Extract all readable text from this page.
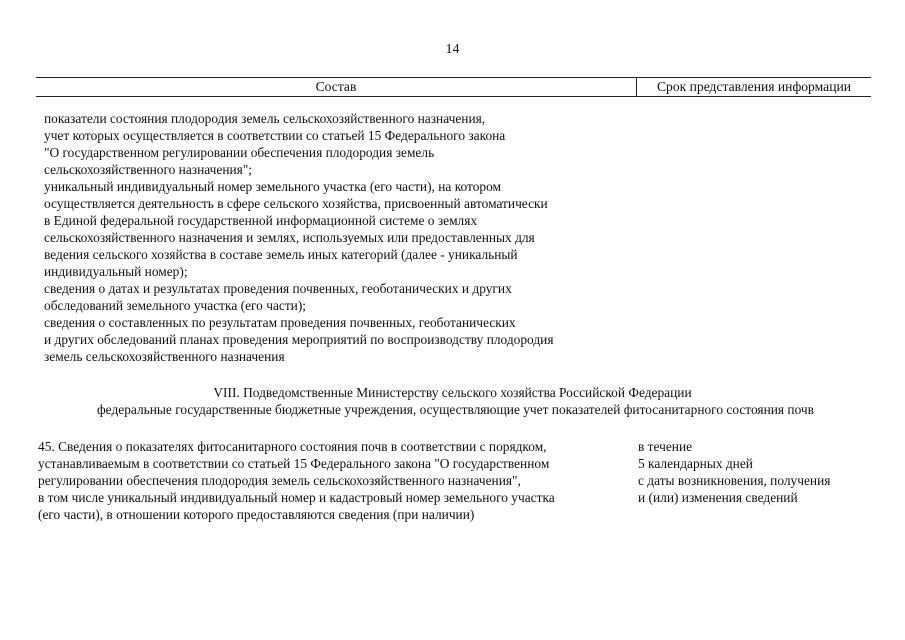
14
Состав	Срок представления информации
показатели состояния плодородия земель сельскохозяйственного назначения,
учет которых осуществляется в соответствии со статьей 15 Федерального закона
"О государственном регулировании обеспечения плодородия земель
сельскохозяйственного назначения";
уникальный индивидуальный номер земельного участка (его части), на котором
осуществляется деятельность в сфере сельского хозяйства, присвоенный автоматически
в Единой федеральной государственной информационной системе о землях
сельскохозяйственного назначения и землях, используемых или предоставленных для
ведения сельского хозяйства в составе земель иных категорий (далее - уникальный
индивидуальный номер);
сведения о датах и результатах проведения почвенных, геоботанических и других
обследований земельного участка (его части);
сведения о составленных по результатам проведения почвенных, геоботанических
и других обследований планах проведения мероприятий по воспроизводству плодородия
земель сельскохозяйственного назначения
VIII. Подведомственные Министерству сельского хозяйства Российской Федерации
федеральные государственные бюджетные учреждения, осуществляющие учет показателей фитосанитарного состояния почв
45. Сведения о показателях фитосанитарного состояния почв в соответствии с порядком,
устанавливаемым в соответствии со статьей 15 Федерального закона "О государственном
регулировании обеспечения плодородия земель сельскохозяйственного назначения",
в том числе уникальный индивидуальный номер и кадастровый номер земельного участка
(его части), в отношении которого предоставляются сведения (при наличии)
в течение
5 календарных дней
с даты возникновения, получения
и (или) изменения сведений
